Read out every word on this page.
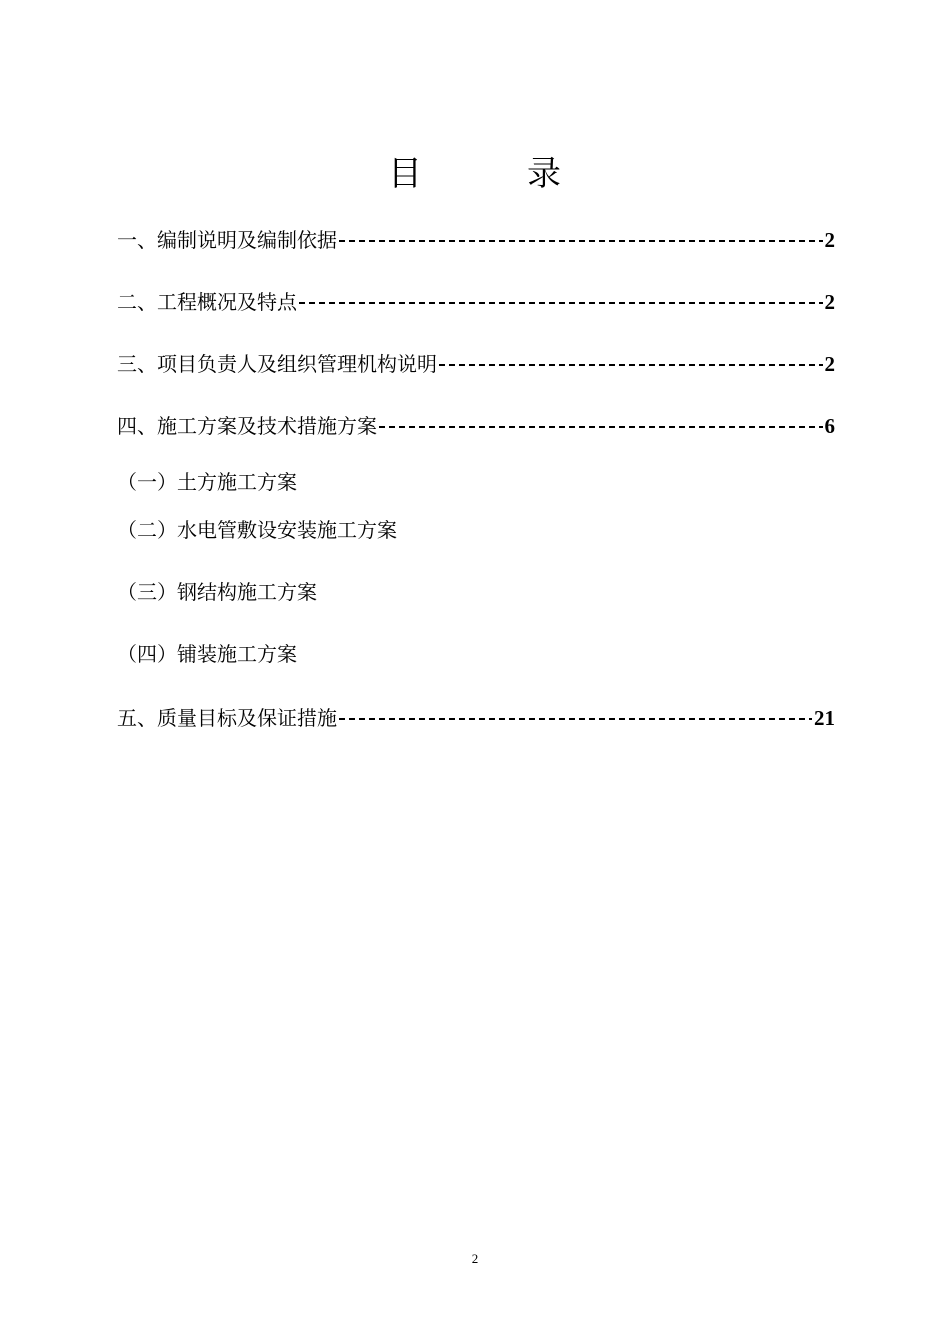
目	录
一、编制说明及编制依据	2
二、工程概况及特点	2
三、项目负责人及组织管理机构说明	2
四、施工方案及技术措施方案	6
（一）土方施工方案
（二）水电管敷设安装施工方案
（三）钢结构施工方案
（四）铺装施工方案
五、质量目标及保证措施	21
2
